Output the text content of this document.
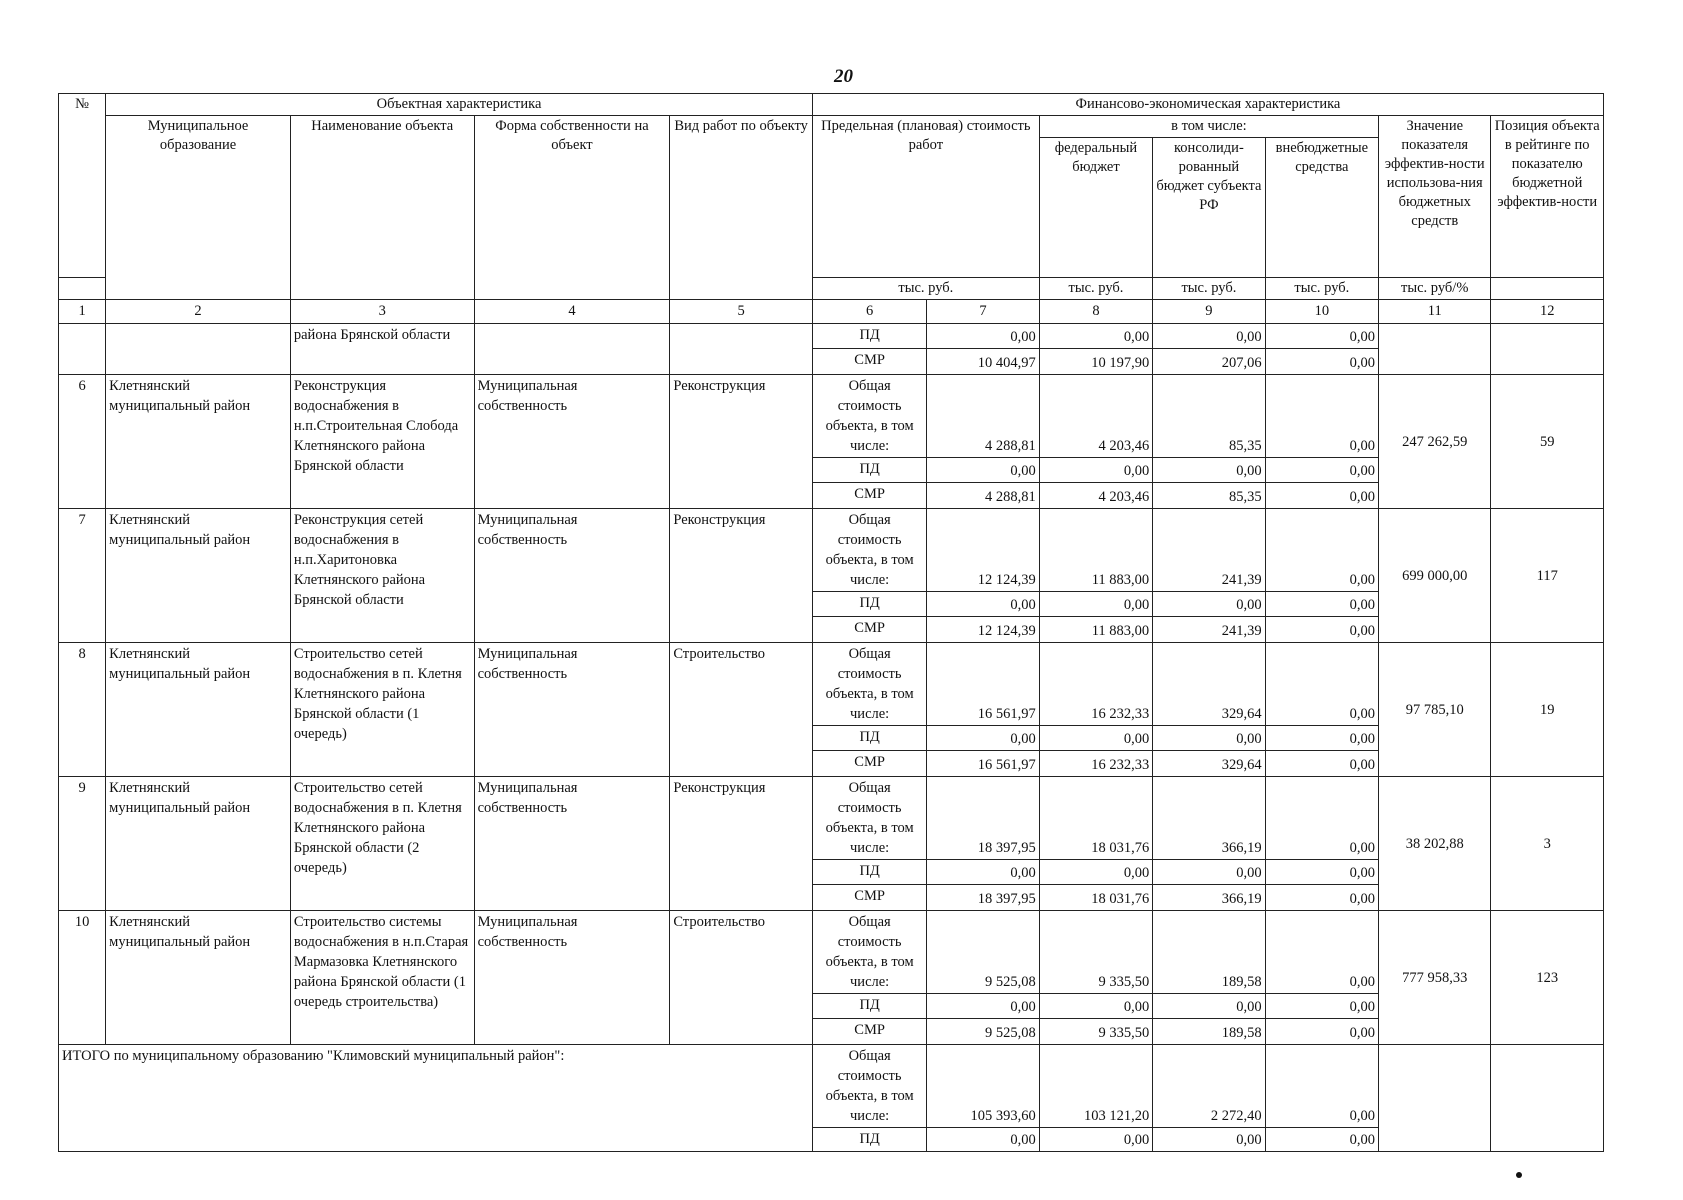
20
№	Объектная характеристика				Финансово-экономическая характеристика						
	Муниципальное образование	Наименование объекта	Форма собственности на объект	Вид работ по объекту	Предельная (плановая) стоимость работ		в том числе:			Значение показателя эффектив-ности использова-ния бюджетных средств	Позиция объекта в рейтинге по показателю бюджетной эффектив-ности
							федеральный бюджет	консолиди-рованный бюджет субъекта РФ	внебюджетные средства		
					тыс. руб.		тыс. руб.	тыс. руб.	тыс. руб.	тыс. руб/%	
1	2	3	4	5	6	7	8	9	10	11	12
		района Брянской области			ПД	0,00	0,00	0,00	0,00		
					СМР	10 404,97	10 197,90	207,06	0,00		
6	Клетнянский муниципальный район	Реконструкция водоснабжения в н.п.Строительная Слобода Клетнянского района Брянской области	Муниципальная собственность	Реконструкция	Общая стоимость объекта, в том числе:	4 288,81	4 203,46	85,35	0,00	247 262,59	59
					ПД	0,00	0,00	0,00	0,00		
					СМР	4 288,81	4 203,46	85,35	0,00		
7	Клетнянский муниципальный район	Реконструкция сетей водоснабжения в н.п.Харитоновка Клетнянского района Брянской области	Муниципальная собственность	Реконструкция	Общая стоимость объекта, в том числе:	12 124,39	11 883,00	241,39	0,00	699 000,00	117
					ПД	0,00	0,00	0,00	0,00		
					СМР	12 124,39	11 883,00	241,39	0,00		
8	Клетнянский муниципальный район	Строительство сетей водоснабжения в п. Клетня Клетнянского района Брянской области (1 очередь)	Муниципальная собственность	Строительство	Общая стоимость объекта, в том числе:	16 561,97	16 232,33	329,64	0,00	97 785,10	19
					ПД	0,00	0,00	0,00	0,00		
					СМР	16 561,97	16 232,33	329,64	0,00		
9	Клетнянский муниципальный район	Строительство сетей водоснабжения в п. Клетня Клетнянского района Брянской области (2 очередь)	Муниципальная собственность	Реконструкция	Общая стоимость объекта, в том числе:	18 397,95	18 031,76	366,19	0,00	38 202,88	3
					ПД	0,00	0,00	0,00	0,00		
					СМР	18 397,95	18 031,76	366,19	0,00		
10	Клетнянский муниципальный район	Строительство системы водоснабжения в н.п.Старая Мармазовка Клетнянского района Брянской области (1 очередь строительства)	Муниципальная собственность	Строительство	Общая стоимость объекта, в том числе:	9 525,08	9 335,50	189,58	0,00	777 958,33	123
					ПД	0,00	0,00	0,00	0,00		
					СМР	9 525,08	9 335,50	189,58	0,00		
ИТОГО по муниципальному образованию "Климовский муниципальный район":					Общая стоимость объекта, в том числе:	105 393,60	103 121,20	2 272,40	0,00		
					ПД	0,00	0,00	0,00	0,00		
